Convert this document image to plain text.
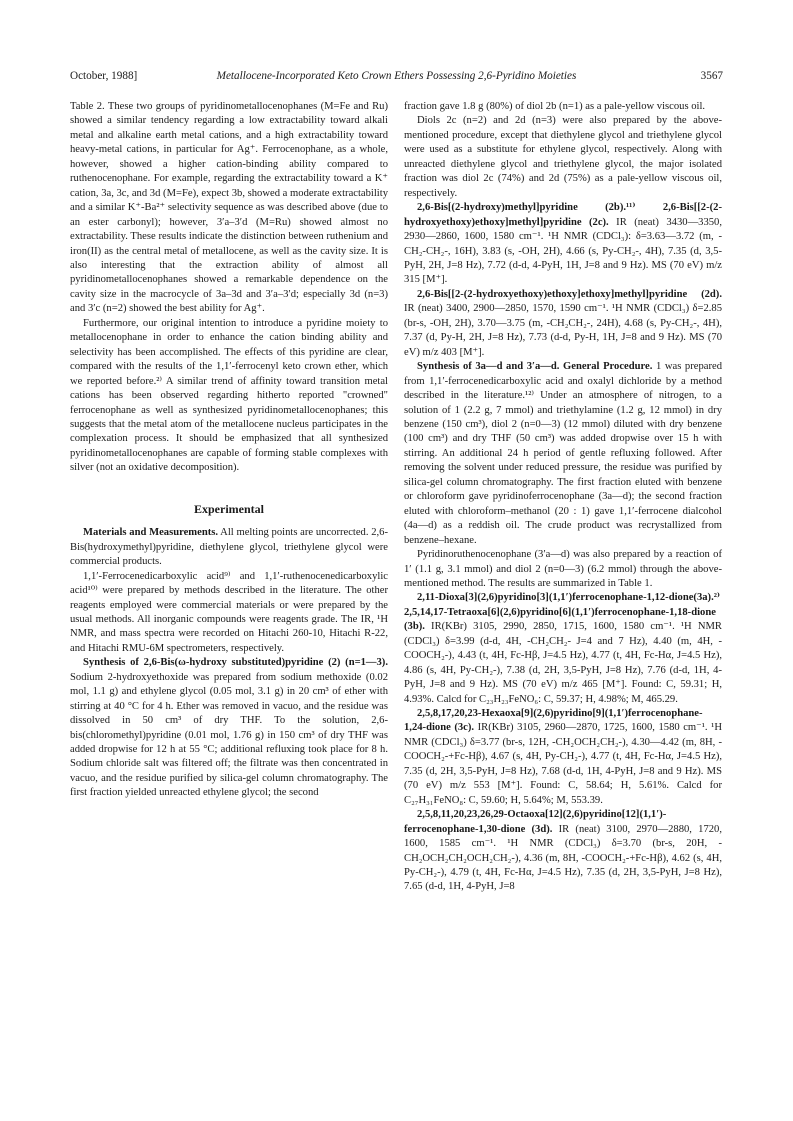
October, 1988]	Metallocene-Incorporated Keto Crown Ethers Possessing 2,6-Pyridino Moieties	3567

Table 2. These two groups of pyridinometallocenophanes (M=Fe and Ru) showed a similar tendency regarding a low extractability toward alkali metal and alkaline earth metal cations, and a high extractability toward heavy-metal cations, in particular for Ag⁺. Ferrocenophane, as a whole, however, showed a higher cation-binding ability compared to ruthenocenophane. For example, regarding the extractability toward a K⁺ cation, 3a, 3c, and 3d (M=Fe), expect 3b, showed a moderate extractability and a similar K⁺-Ba²⁺ selectivity sequence as was described above (due to an ester carbonyl); however, 3′a–3′d (M=Ru) showed almost no extractability. These results indicate the distinction between ruthenium and iron(II) as the central metal of metallocene, as well as the cavity size. It is also interesting that the extraction ability of almost all pyridinometallocenophanes showed a remarkable dependence on the cavity size in the macrocycle of 3a–3d and 3′a–3′d; especially 3d (n=3) and 3′c (n=2) showed the best ability for Ag⁺.

Furthermore, our original intention to introduce a pyridine moiety to metallocenophane in order to enhance the cation binding ability and selectivity has been accomplished. The effects of this pyridine are clear, compared with the results of the 1,1′-ferrocenyl keto crown ether, which we reported before.²⁾ A similar trend of affinity toward transition metal cations has been observed regarding hitherto reported "crowned" ferrocenophane as well as synthesized pyridinometallocenophanes; this suggests that the metal atom of the metallocene nucleus participates in the complexation process. It should be emphasized that all synthesized pyridinometallocenophanes are capable of forming stable complexes with silver (not an oxidative decomposition).

Experimental

Materials and Measurements. All melting points are uncorrected. 2,6-Bis(hydroxymethyl)pyridine, diethylene glycol, triethylene glycol were commercial products.

1,1′-Ferrocenedicarboxylic acid⁹⁾ and 1,1′-ruthenocenedicarboxylic acid¹⁰⁾ were prepared by methods described in the literature. The other reagents employed were commercial materials or were prepared by the usual methods. All inorganic compounds were reagents grade. The IR, ¹H NMR, and mass spectra were recorded on Hitachi 260-10, Hitachi R-22, and Hitachi RMU-6M spectrometers, respectively.

Synthesis of 2,6-Bis(ω-hydroxy substituted)pyridine (2) (n=1—3). Sodium 2-hydroxyethoxide was prepared from sodium methoxide (0.02 mol, 1.1 g) and ethylene glycol (0.05 mol, 3.1 g) in 20 cm³ of ether with stirring at 40 °C for 4 h. Ether was removed in vacuo, and the residue was dissolved in 50 cm³ of dry THF. To the solution, 2,6-bis(chloromethyl)pyridine (0.01 mol, 1.76 g) in 150 cm³ of dry THF was added dropwise for 12 h at 55 °C; additional refluxing took place for 8 h. Sodium chloride salt was filtered off; the filtrate was then concentrated in vacuo, and the residue purified by silica-gel column chromatography. The first fraction yielded unreacted ethylene glycol; the second

fraction gave 1.8 g (80%) of diol 2b (n=1) as a pale-yellow viscous oil.

Diols 2c (n=2) and 2d (n=3) were also prepared by the above-mentioned procedure, except that diethylene glycol and triethylene glycol were used as a substitute for ethylene glycol, respectively. Along with unreacted diethylene glycol and triethylene glycol, the major isolated fraction was diol 2c (74%) and 2d (75%) as a pale-yellow viscous oil, respectively.

2,6-Bis[(2-hydroxy)methyl]pyridine (2b).¹¹⁾ 2,6-Bis[[2-(2-hydroxyethoxy)ethoxy]methyl]pyridine (2c). IR (neat) 3430—3350, 2930—2860, 1600, 1580 cm⁻¹. ¹H NMR (CDCl₃): δ=3.63—3.72 (m, -CH₂-CH₂-, 16H), 3.83 (s, -OH, 2H), 4.66 (s, Py-CH₂-, 4H), 7.35 (d, 3,5-PyH, 2H, J=8 Hz), 7.72 (d-d, 4-PyH, 1H, J=8 and 9 Hz). MS (70 eV) m/z 315 [M⁺].

2,6-Bis[[2-(2-hydroxyethoxy)ethoxy]ethoxy]methyl]pyridine (2d). IR (neat) 3400, 2900—2850, 1570, 1590 cm⁻¹. ¹H NMR (CDCl₃) δ=2.85 (br-s, -OH, 2H), 3.70—3.75 (m, -CH₂CH₂-, 24H), 4.68 (s, Py-CH₂-, 4H), 7.37 (d, Py-H, 2H, J=8 Hz), 7.73 (d-d, Py-H, 1H, J=8 and 9 Hz). MS (70 eV) m/z 403 [M⁺].

Synthesis of 3a—d and 3′a—d. General Procedure. 1 was prepared from 1,1′-ferrocenedicarboxylic acid and oxalyl dichloride by a method described in the literature.¹²⁾ Under an atmosphere of nitrogen, to a solution of 1 (2.2 g, 7 mmol) and triethylamine (1.2 g, 12 mmol) in dry benzene (150 cm³), diol 2 (n=0—3) (12 mmol) diluted with dry benzene (100 cm³) and dry THF (50 cm³) was added dropwise over 15 h with stirring. An additional 24 h period of gentle refluxing followed. After removing the solvent under reduced pressure, the residue was purified by silica-gel column chromatography. The first fraction eluted with benzene or chloroform gave pyridinoferrocenophane (3a—d); the second fraction eluted with chloroform–methanol (20 : 1) gave 1,1′-ferrocene dialcohol (4a—d) as a reddish oil. The crude product was recrystallized from benzene–hexane.

Pyridinoruthenocenophane (3′a—d) was also prepared by a reaction of 1′ (1.1 g, 3.1 mmol) and diol 2 (n=0—3) (6.2 mmol) through the above-mentioned method. The results are summarized in Table 1.

2,11-Dioxa[3](2,6)pyridino[3](1,1′)ferrocenophane-1,12-dione(3a).²⁾ 2,5,14,17-Tetraoxa[6](2,6)pyridino[6](1,1′)ferrocenophane-1,18-dione (3b). IR(KBr) 3105, 2990, 2850, 1715, 1600, 1580 cm⁻¹. ¹H NMR (CDCl₃) δ=3.99 (d-d, 4H, -CH₂CH₂- J=4 and 7 Hz), 4.40 (m, 4H, -COOCH₂-), 4.43 (t, 4H, Fc-Hβ, J=4.5 Hz), 4.77 (t, 4H, Fc-Hα, J=4.5 Hz), 4.86 (s, 4H, Py-CH₂-), 7.38 (d, 2H, 3,5-PyH, J=8 Hz), 7.76 (d-d, 1H, 4-PyH, J=8 and 9 Hz). MS (70 eV) m/z 465 [M⁺]. Found: C, 59.31; H, 4.93%. Calcd for C₂₃H₂₃FeNO₆: C, 59.37; H, 4.98%; M, 465.29.

2,5,8,17,20,23-Hexaoxa[9](2,6)pyridino[9](1,1′)ferrocenophane-1,24-dione (3c). IR(KBr) 3105, 2960—2870, 1725, 1600, 1580 cm⁻¹. ¹H NMR (CDCl₃) δ=3.77 (br-s, 12H, -CH₂OCH₂CH₂-), 4.30—4.42 (m, 8H, -COOCH₂-+Fc-Hβ), 4.67 (s, 4H, Py-CH₂-), 4.77 (t, 4H, Fc-Hα, J=4.5 Hz), 7.35 (d, 2H, 3,5-PyH, J=8 Hz), 7.68 (d-d, 1H, 4-PyH, J=8 and 9 Hz). MS (70 eV) m/z 553 [M⁺]. Found: C, 58.64; H, 5.61%. Calcd for C₂₇H₃₁FeNO₈: C, 59.60; H, 5.64%; M, 553.39.

2,5,8,11,20,23,26,29-Octaoxa[12](2,6)pyridino[12](1,1′)-ferrocenophane-1,30-dione (3d). IR (neat) 3100, 2970—2880, 1720, 1600, 1585 cm⁻¹. ¹H NMR (CDCl₃) δ=3.70 (br-s, 20H, -CH₂OCH₂CH₂OCH₂CH₂-), 4.36 (m, 8H, -COOCH₂-+Fc-Hβ), 4.62 (s, 4H, Py-CH₂-), 4.79 (t, 4H, Fc-Hα, J=4.5 Hz), 7.35 (d, 2H, 3,5-PyH, J=8 Hz), 7.65 (d-d, 1H, 4-PyH, J=8
